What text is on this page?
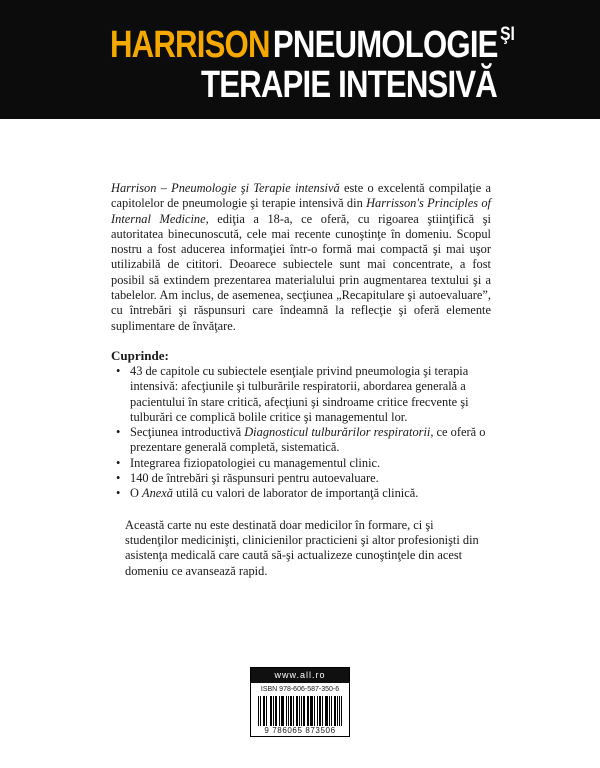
HARRISON PNEUMOLOGIE ŞI
TERAPIE INTENSIVĂ

Harrison – Pneumologie şi Terapie intensivă este o excelentă compilaţie a capitolelor de pneumologie şi terapie intensivă din Harrisson's Principles of Internal Medicine, ediţia a 18-a, ce oferă, cu rigoarea ştiinţifică şi autoritatea binecunoscută, cele mai recente cunoştinţe în domeniu. Scopul nostru a fost aducerea informaţiei într-o formă mai compactă şi mai uşor utilizabilă de cititori. Deoarece subiectele sunt mai concentrate, a fost posibil să extindem prezentarea materialului prin augmentarea textului şi a tabelelor. Am inclus, de asemenea, secţiunea „Recapitulare şi autoevaluare”, cu întrebări şi răspunsuri care îndeamnă la reflecţie şi oferă elemente suplimentare de învăţare.

Cuprinde:
• 43 de capitole cu subiectele esenţiale privind pneumologia şi terapia intensivă: afecţiunile şi tulburările respiratorii, abordarea generală a pacientului în stare critică, afecţiuni şi sindroame critice frecvente şi tulburări ce complică bolile critice şi managementul lor.
• Secţiunea introductivă Diagnosticul tulburărilor respiratorii, ce oferă o prezentare generală completă, sistematică.
• Integrarea fiziopatologiei cu managementul clinic.
• 140 de întrebări şi răspunsuri pentru autoevaluare.
• O Anexă utilă cu valori de laborator de importanţă clinică.

Această carte nu este destinată doar medicilor în formare, ci şi studenţilor medicinişti, clinicienilor practicieni şi altor profesionişti din asistenţa medicală care caută să-şi actualizeze cunoştinţele din acest domeniu ce avansează rapid.

www.all.ro
ISBN 978-606-587-350-6
9 786065 873506
